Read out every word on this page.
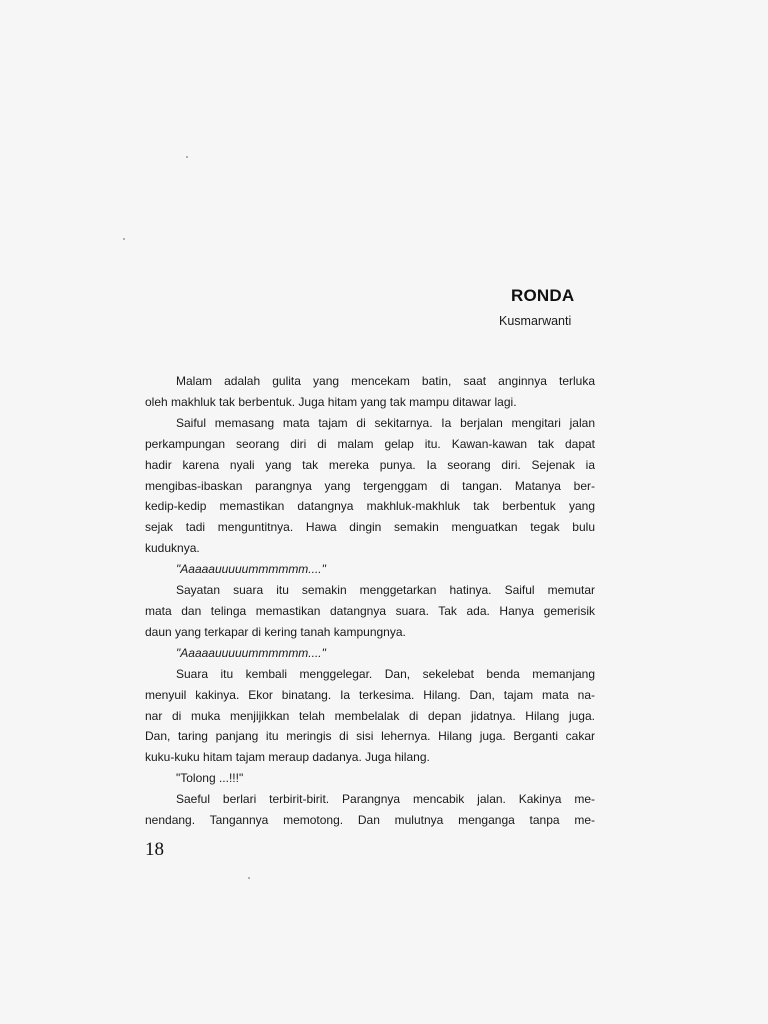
RONDA
Kusmarwanti
Malam adalah gulita yang mencekam batin, saat anginnya terluka
oleh makhluk tak berbentuk. Juga hitam yang tak mampu ditawar lagi.
Saiful memasang mata tajam di sekitarnya. Ia berjalan mengitari jalan
perkampungan seorang diri di malam gelap itu. Kawan-kawan tak dapat
hadir karena nyali yang tak mereka punya. Ia seorang diri. Sejenak ia
mengibas-ibaskan parangnya yang tergenggam di tangan. Matanya ber-
kedip-kedip memastikan datangnya makhluk-makhluk tak berbentuk yang
sejak tadi menguntitnya. Hawa dingin semakin menguatkan tegak bulu
kuduknya.
"Aaaaauuuuummmmmm...."
Sayatan suara itu semakin menggetarkan hatinya. Saiful memutar
mata dan telinga memastikan datangnya suara. Tak ada. Hanya gemerisik
daun yang terkapar di kering tanah kampungnya.
"Aaaaauuuuummmmmm...."
Suara itu kembali menggelegar. Dan, sekelebat benda memanjang
menyuil kakinya. Ekor binatang. Ia terkesima. Hilang. Dan, tajam mata na-
nar di muka menjijikkan telah membelalak di depan jidatnya. Hilang juga.
Dan, taring panjang itu meringis di sisi lehernya. Hilang juga. Berganti cakar
kuku-kuku hitam tajam meraup dadanya. Juga hilang.
"Tolong ...!!!"
Saeful berlari terbirit-birit. Parangnya mencabik jalan. Kakinya me-
nendang. Tangannya memotong. Dan mulutnya menganga tanpa me-
18
